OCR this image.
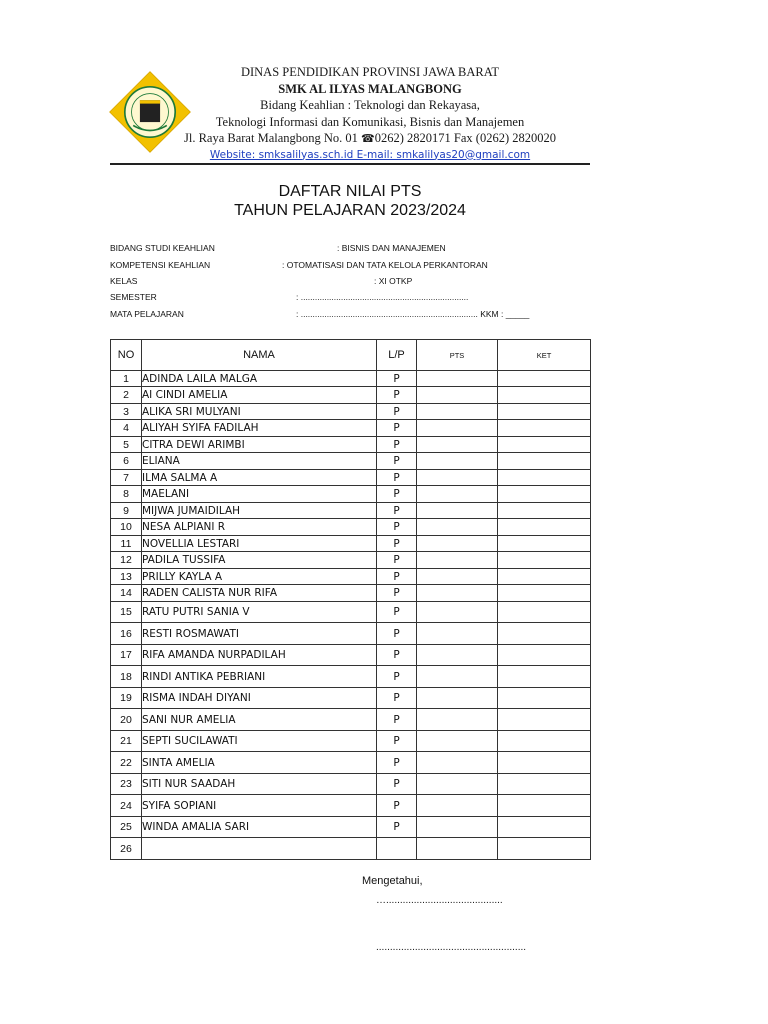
DINAS PENDIDIKAN PROVINSI JAWA BARAT
SMK AL ILYAS MALANGBONG
Bidang Keahlian : Teknologi dan Rekayasa,
Teknologi Informasi dan Komunikasi, Bisnis dan Manajemen
Jl. Raya Barat Malangbong No. 01 ☎0262) 2820171 Fax (0262) 2820020
Website: smksalilyas.sch.id E-mail: smkalilyas20@gmail.com
DAFTAR NILAI PTS
TAHUN PELAJARAN 2023/2024
BIDANG STUDI KEAHLIAN	: BISNIS DAN MANAJEMEN
KOMPETENSI KEAHLIAN	: OTOMATISASI DAN TATA KELOLA PERKANTORAN
KELAS	: XI OTKP
SEMESTER	: .......................................................................
MATA PELAJARAN	: ........................................................................... KKM : _____
NO	NAMA	L/P	PTS	KET
1	ADINDA LAILA MALGA	P		
2	AI CINDI AMELIA	P		
3	ALIKA SRI MULYANI	P		
4	ALIYAH SYIFA FADILAH	P		
5	CITRA DEWI ARIMBI	P		
6	ELIANA	P		
7	ILMA SALMA A	P		
8	MAELANI	P		
9	MIJWA JUMAIDILAH	P		
10	NESA ALPIANI R	P		
11	NOVELLIA LESTARI	P		
12	PADILA TUSSIFA	P		
13	PRILLY KAYLA A	P		
14	RADEN CALISTA NUR RIFA	P		
15	RATU PUTRI SANIA V	P		
16	RESTI ROSMAWATI	P		
17	RIFA AMANDA NURPADILAH	P		
18	RINDI ANTIKA PEBRIANI	P		
19	RISMA INDAH DIYANI	P		
20	SANI NUR AMELIA	P		
21	SEPTI SUCILAWATI	P		
22	SINTA AMELIA	P		
23	SITI NUR SAADAH	P		
24	SYIFA SOPIANI	P		
25	WINDA AMALIA SARI	P		
26				
Mengetahui,
…..........................................
......................................................
